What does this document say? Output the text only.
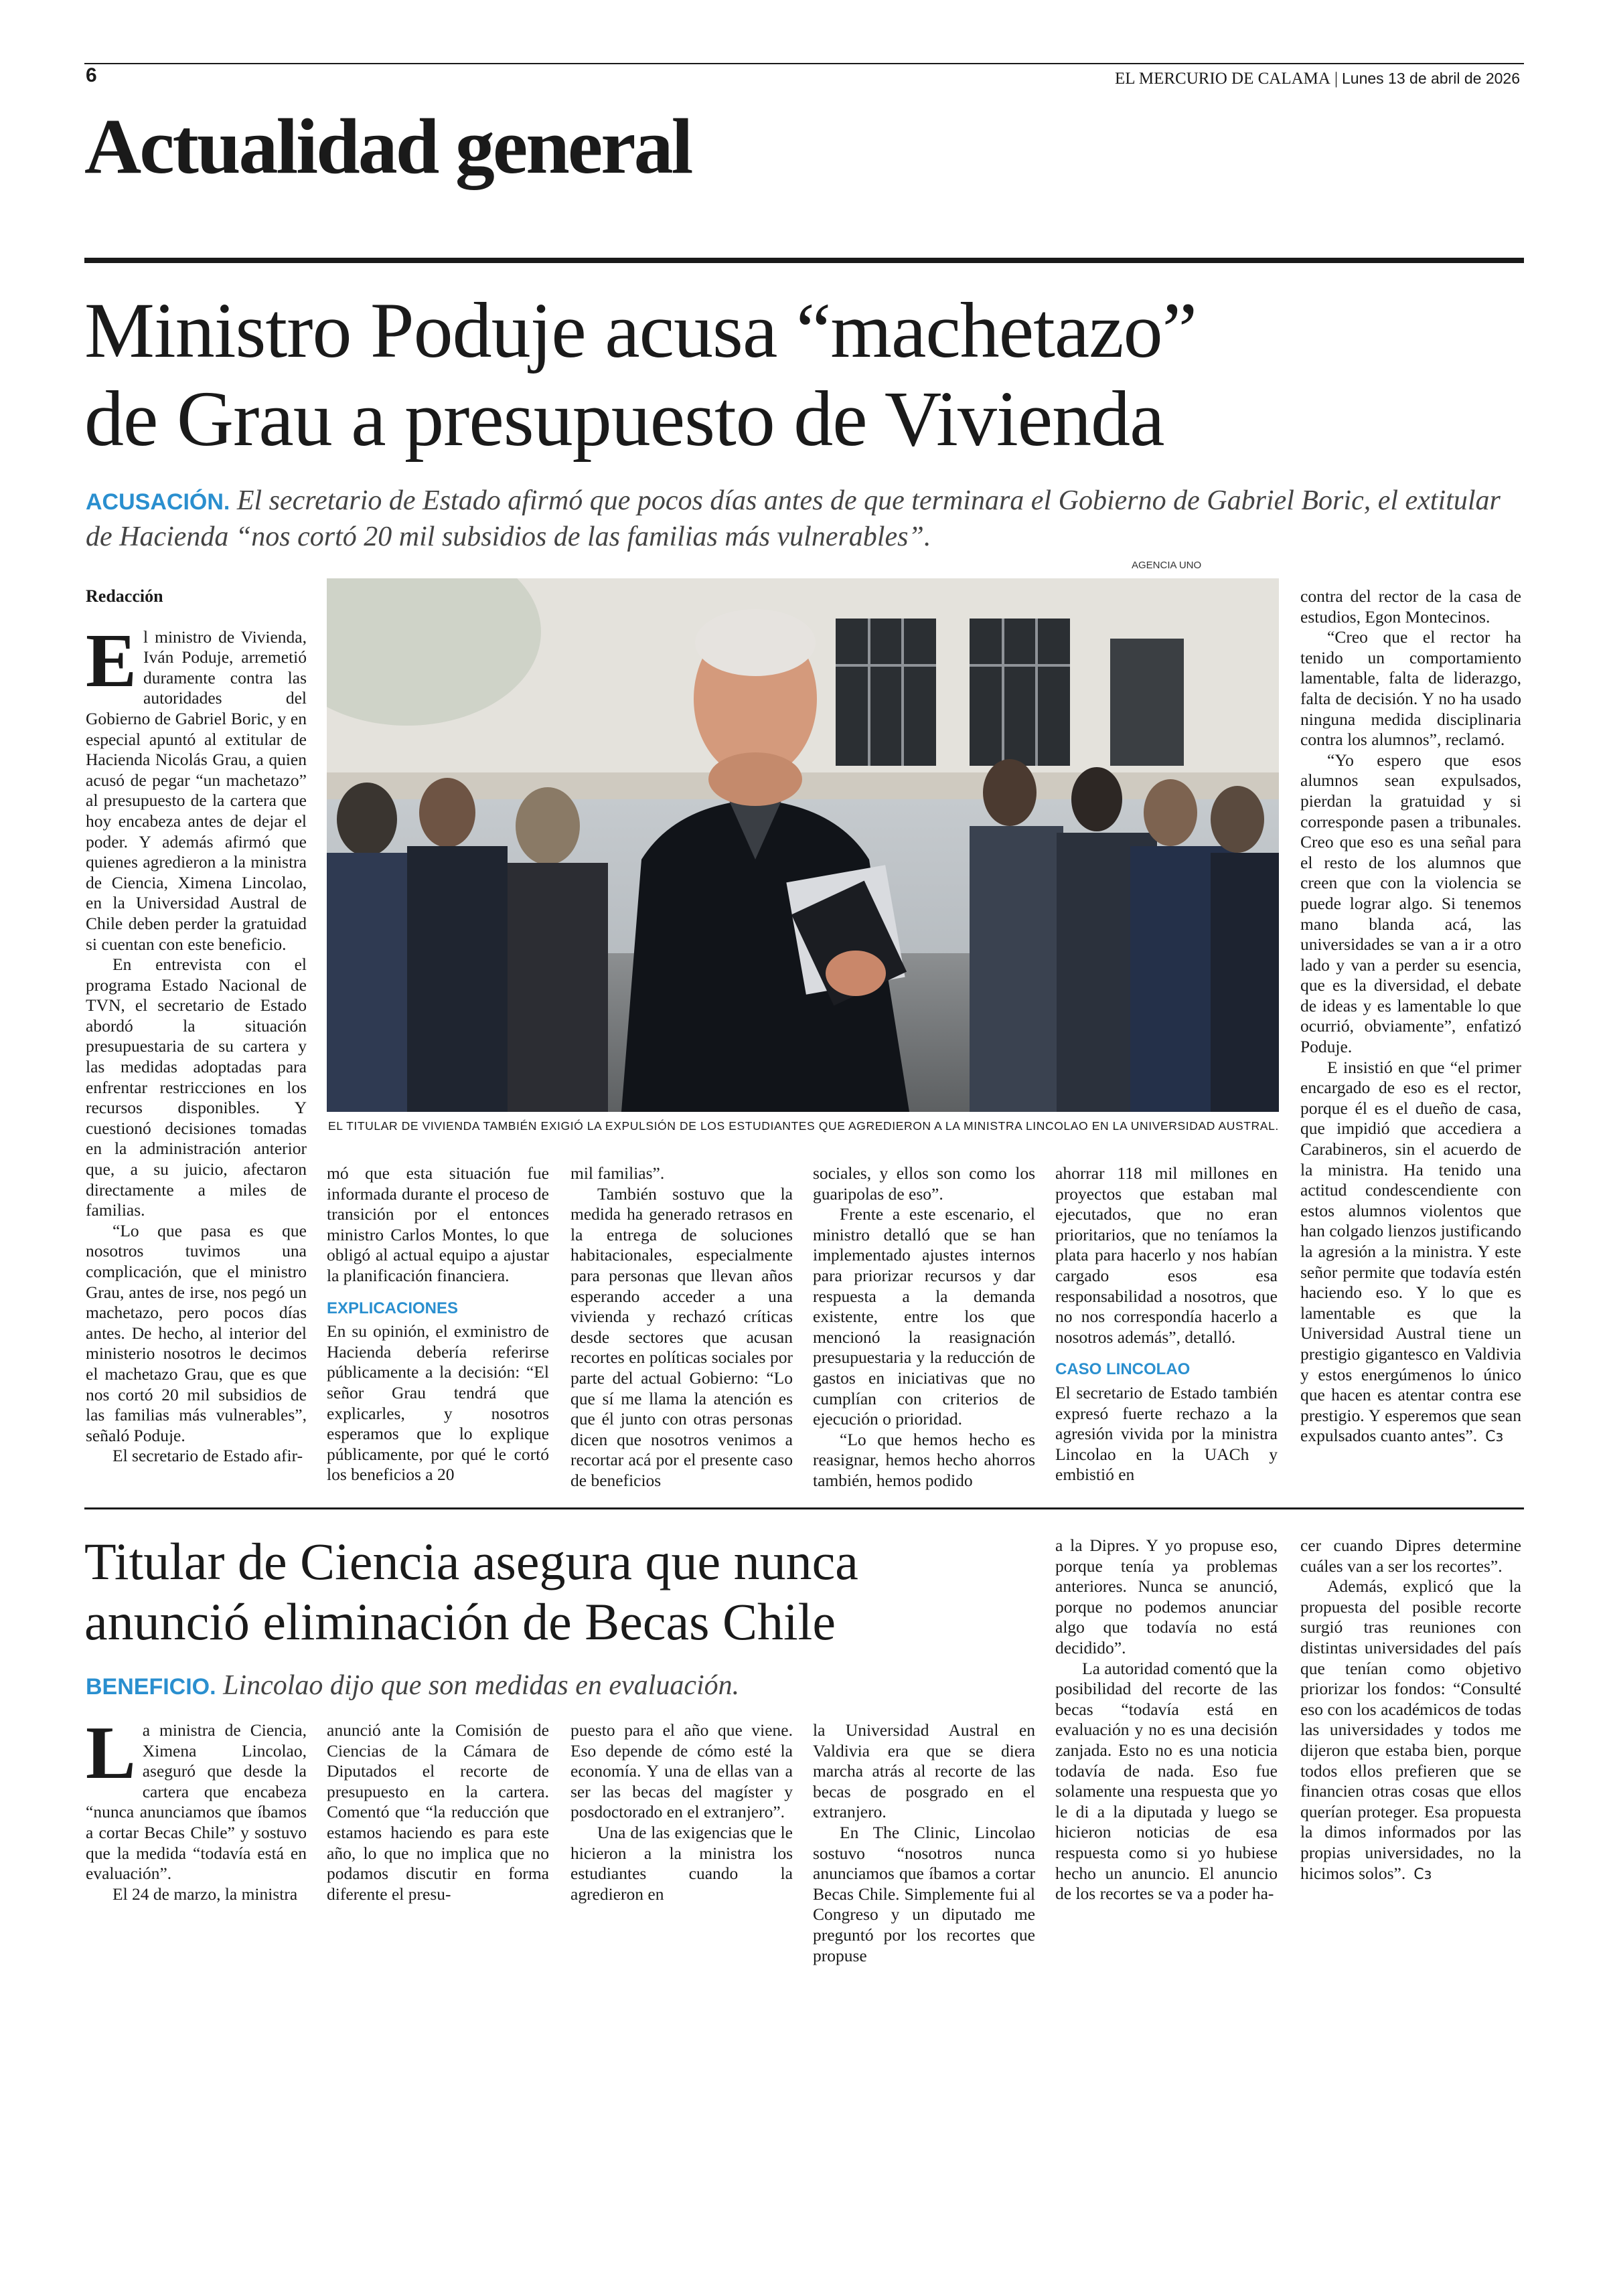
6	EL MERCURIO DE CALAMA | Lunes 13 de abril de 2026
Actualidad general
Ministro Poduje acusa “machetazo”
de Grau a presupuesto de Vivienda
ACUSACIÓN. El secretario de Estado afirmó que pocos días antes de que terminara el Gobierno de Gabriel Boric, el extitular de Hacienda “nos cortó 20 mil subsidios de las familias más vulnerables”.
AGENCIA UNO
EL TITULAR DE VIVIENDA TAMBIÉN EXIGIÓ LA EXPULSIÓN DE LOS ESTUDIANTES QUE AGREDIERON A LA MINISTRA LINCOLAO EN LA UNIVERSIDAD AUSTRAL.
Redacción

El ministro de Vivienda, Iván Poduje, arremetió duramente contra las autoridades del Gobierno de Gabriel Boric, y en especial apuntó al extitular de Hacienda Nicolás Grau, a quien acusó de pegar “un machetazo” al presupuesto de la cartera que hoy encabeza antes de dejar el poder. Y además afirmó que quienes agredieron a la ministra de Ciencia, Ximena Lincolao, en la Universidad Austral de Chile deben perder la gratuidad si cuentan con este beneficio.

En entrevista con el programa Estado Nacional de TVN, el secretario de Estado abordó la situación presupuestaria de su cartera y las medidas adoptadas para enfrentar restricciones en los recursos disponibles. Y cuestionó decisiones tomadas en la administración anterior que, a su juicio, afectaron directamente a miles de familias.

“Lo que pasa es que nosotros tuvimos una complicación, que el ministro Grau, antes de irse, nos pegó un machetazo, pero pocos días antes. De hecho, al interior del ministerio nosotros le decimos el machetazo Grau, que es que nos cortó 20 mil subsidios de las familias más vulnerables”, señaló Poduje.

El secretario de Estado afir-

mó que esta situación fue informada durante el proceso de transición por el entonces ministro Carlos Montes, lo que obligó al actual equipo a ajustar la planificación financiera.

EXPLICACIONES

En su opinión, el exministro de Hacienda debería referirse públicamente a la decisión: “El señor Grau tendrá que explicarles, y nosotros esperamos que lo explique públicamente, por qué le cortó los beneficios a 20

mil familias”.

También sostuvo que la medida ha generado retrasos en la entrega de soluciones habitacionales, especialmente para personas que llevan años esperando acceder a una vivienda y rechazó críticas desde sectores que acusan recortes en políticas sociales por parte del actual Gobierno: “Lo que sí me llama la atención es que él junto con otras personas dicen que nosotros venimos a recortar acá por el presente caso de beneficios

sociales, y ellos son como los guaripolas de eso”.

Frente a este escenario, el ministro detalló que se han implementado ajustes internos para priorizar recursos y dar respuesta a la demanda existente, entre los que mencionó la reasignación presupuestaria y la reducción de gastos en iniciativas que no cumplían con criterios de ejecución o prioridad.

“Lo que hemos hecho es reasignar, hemos hecho ahorros también, hemos podido

ahorrar 118 mil millones en proyectos que estaban mal ejecutados, que no eran prioritarios, que no teníamos la plata para hacerlo y nos habían cargado esos esa responsabilidad a nosotros, que no nos correspondía hacerlo a nosotros además”, detalló.

CASO LINCOLAO

El secretario de Estado también expresó fuerte rechazo a la agresión vivida por la ministra Lincolao en la UACh y embistió en

contra del rector de la casa de estudios, Egon Montecinos.

“Creo que el rector ha tenido un comportamiento lamentable, falta de liderazgo, falta de decisión. Y no ha usado ninguna medida disciplinaria contra los alumnos”, reclamó.

“Yo espero que esos alumnos sean expulsados, pierdan la gratuidad y si corresponde pasen a tribunales. Creo que eso es una señal para el resto de los alumnos que creen que con la violencia se puede lograr algo. Si tenemos mano blanda acá, las universidades se van a ir a otro lado y van a perder su esencia, que es la diversidad, el debate de ideas y es lamentable lo que ocurrió, obviamente”, enfatizó Poduje.

E insistió en que “el primer encargado de eso es el rector, porque él es el dueño de casa, que impidió que accediera a Carabineros, sin el acuerdo de la ministra. Ha tenido una actitud condescendiente con estos alumnos violentos que han colgado lienzos justificando la agresión a la ministra. Y este señor permite que todavía estén haciendo eso. Y lo que es lamentable es que la Universidad Austral tiene un prestigio gigantesco en Valdivia y estos energúmenos lo único que hacen es atentar contra ese prestigio. Y esperemos que sean expulsados cuanto antes”. Cɜ

Titular de Ciencia asegura que nunca
anunció eliminación de Becas Chile
BENEFICIO. Lincolao dijo que son medidas en evaluación.

La ministra de Ciencia, Ximena Lincolao, aseguró que desde la cartera que encabeza “nunca anunciamos que íbamos a cortar Becas Chile” y sostuvo que la medida “todavía está en evaluación”.

El 24 de marzo, la ministra

anunció ante la Comisión de Ciencias de la Cámara de Diputados el recorte de presupuesto en la cartera. Comentó que “la reducción que estamos haciendo es para este año, lo que no implica que no podamos discutir en forma diferente el presu-

puesto para el año que viene. Eso depende de cómo esté la economía. Y una de ellas van a ser las becas del magíster y posdoctorado en el extranjero”.

Una de las exigencias que le hicieron a la ministra los estudiantes cuando la agredieron en

la Universidad Austral en Valdivia era que se diera marcha atrás al recorte de las becas de posgrado en el extranjero.

En The Clinic, Lincolao sostuvo “nosotros nunca anunciamos que íbamos a cortar Becas Chile. Simplemente fui al Congreso y un diputado me preguntó por los recortes que propuse

a la Dipres. Y yo propuse eso, porque tenía ya problemas anteriores. Nunca se anunció, porque no podemos anunciar algo que todavía no está decidido”.

La autoridad comentó que la posibilidad del recorte de las becas “todavía está en evaluación y no es una decisión zanjada. Esto no es una noticia todavía de nada. Eso fue solamente una respuesta que yo le di a la diputada y luego se hicieron noticias de esa respuesta como si yo hubiese hecho un anuncio. El anuncio de los recortes se va a poder ha-

cer cuando Dipres determine cuáles van a ser los recortes”.

Además, explicó que la propuesta del posible recorte surgió tras reuniones con distintas universidades del país que tenían como objetivo priorizar los fondos: “Consulté eso con los académicos de todas las universidades y todos me dijeron que estaba bien, porque todos ellos prefieren que se financien otras cosas que ellos querían proteger. Esa propuesta la dimos informados por las propias universidades, no la hicimos solos”. Cɜ
